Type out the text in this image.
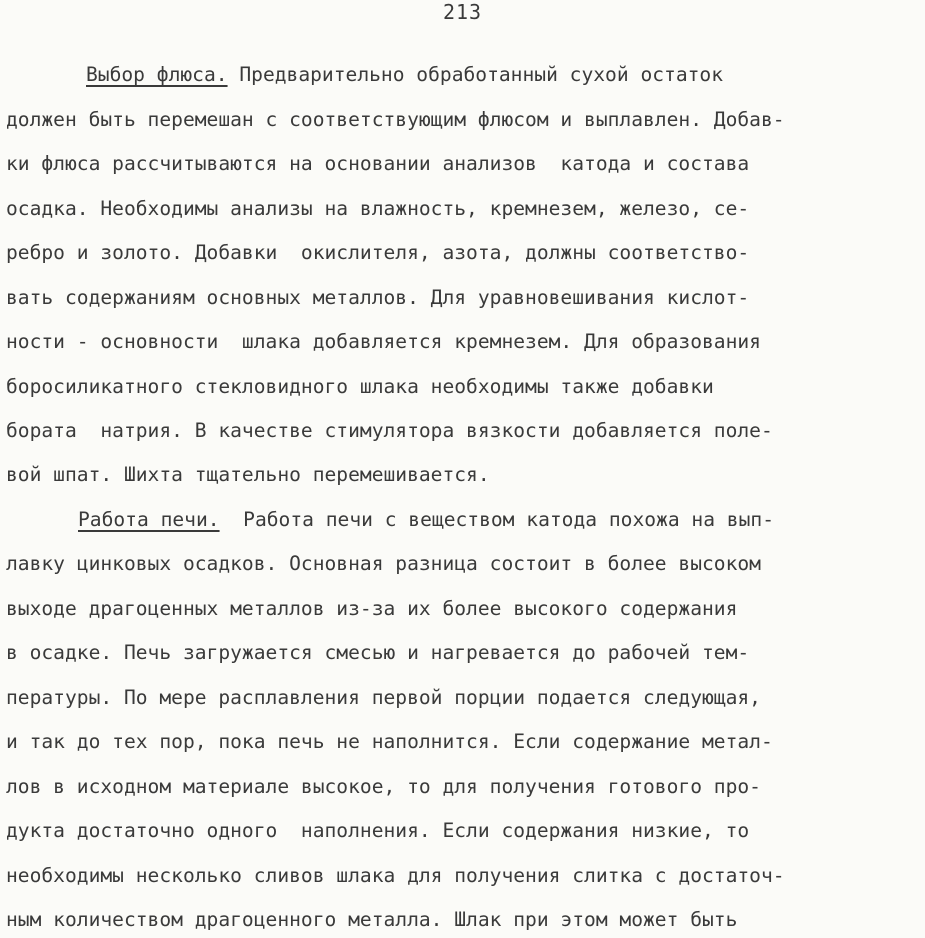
213
Выбор флюса. Предварительно обработанный сухой остаток
должен быть перемешан с соответствующим флюсом и выплавлен. Добав-
ки флюса рассчитываются на основании анализов  катода и состава
осадка. Необходимы анализы на влажность, кремнезем, железо, се-
ребро и золото. Добавки  окислителя, азота, должны соответство-
вать содержаниям основных металлов. Для уравновешивания кислот-
ности - основности  шлака добавляется кремнезем. Для образования
боросиликатного стекловидного шлака необходимы также добавки
бората  натрия. В качестве стимулятора вязкости добавляется поле-
вой шпат. Шихта тщательно перемешивается.
Работа печи.  Работа печи с веществом катода похожа на вып-
лавку цинковых осадков. Основная разница состоит в более высоком
выходе драгоценных металлов из-за их более высокого содержания
в осадке. Печь загружается смесью и нагревается до рабочей тем-
пературы. По мере расплавления первой порции подается следующая,
и так до тех пор, пока печь не наполнится. Если содержание метал-
лов в исходном материале высокое, то для получения готового про-
дукта достаточно одного  наполнения. Если содержания низкие, то
необходимы несколько сливов шлака для получения слитка с достаточ-
ным количеством драгоценного металла. Шлак при этом может быть
